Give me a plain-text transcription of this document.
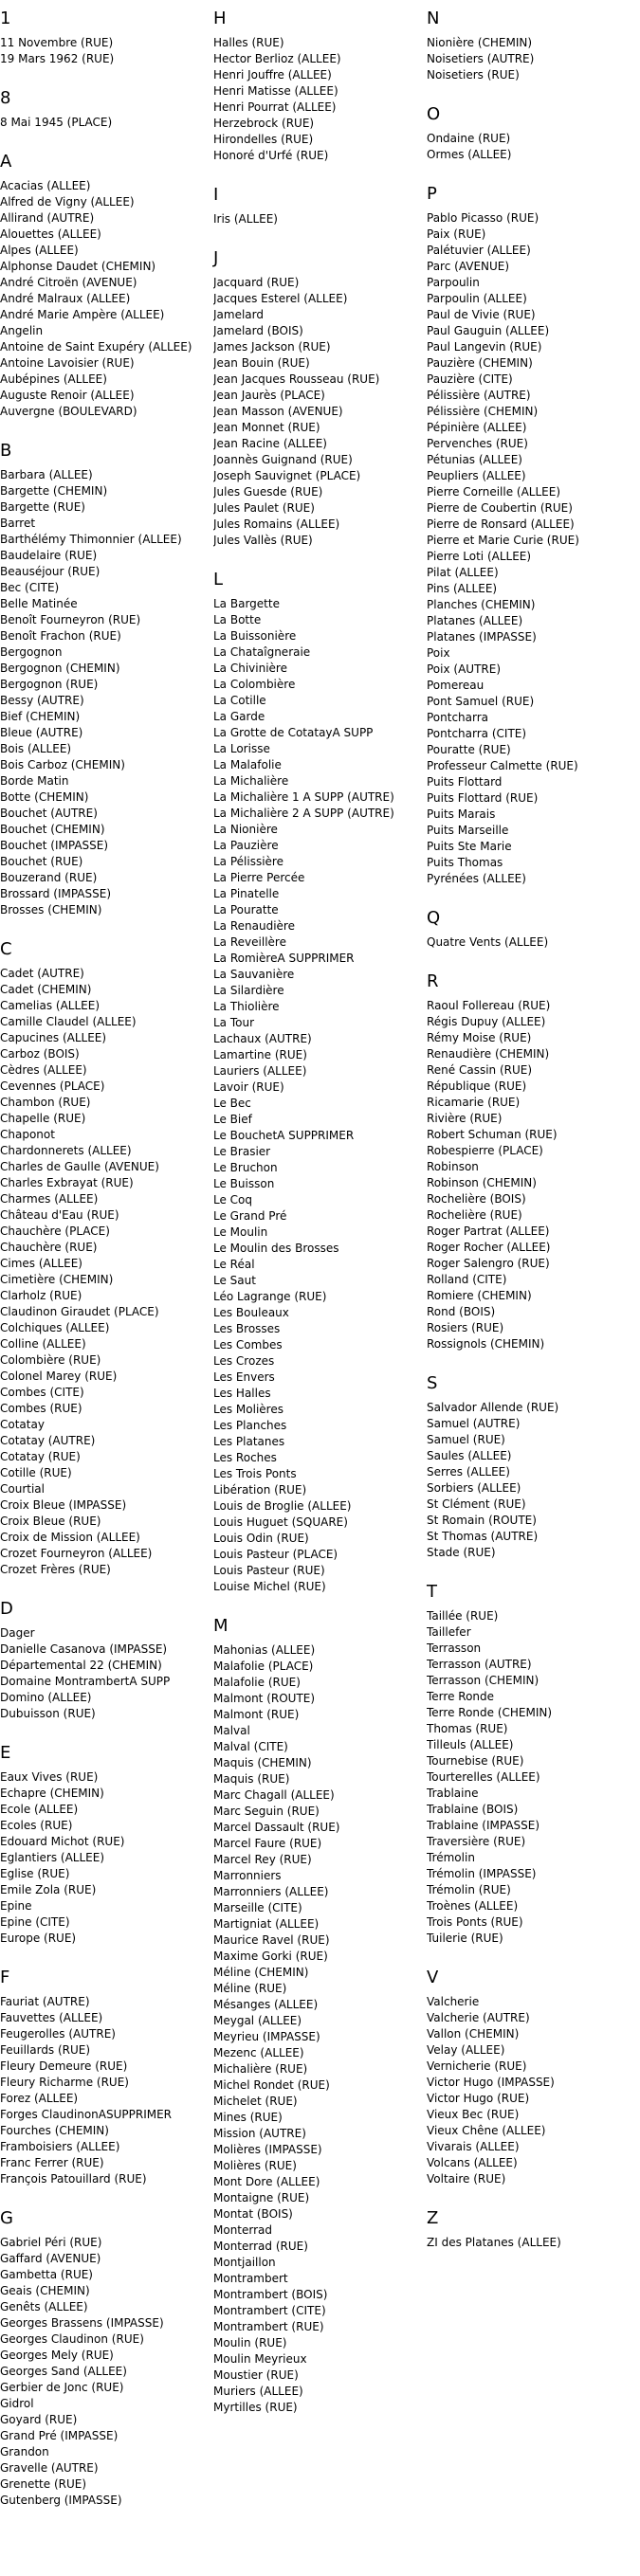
1
11 Novembre (RUE)
19 Mars 1962 (RUE)
8
8 Mai 1945 (PLACE)
A
Acacias (ALLEE)
Alfred de Vigny (ALLEE)
Allirand (AUTRE)
Alouettes (ALLEE)
Alpes (ALLEE)
Alphonse Daudet (CHEMIN)
André Citroën (AVENUE)
André Malraux (ALLEE)
André Marie Ampère (ALLEE)
Angelin
Antoine de Saint Exupéry (ALLEE)
Antoine Lavoisier (RUE)
Aubépines (ALLEE)
Auguste Renoir (ALLEE)
Auvergne (BOULEVARD)
B
Barbara (ALLEE)
Bargette (CHEMIN)
Bargette (RUE)
Barret
Barthélémy Thimonnier (ALLEE)
Baudelaire (RUE)
Beauséjour (RUE)
Bec (CITE)
Belle Matinée
Benoît Fourneyron (RUE)
Benoît Frachon (RUE)
Bergognon
Bergognon (CHEMIN)
Bergognon (RUE)
Bessy (AUTRE)
Bief (CHEMIN)
Bleue (AUTRE)
Bois (ALLEE)
Bois Carboz (CHEMIN)
Borde Matin
Botte (CHEMIN)
Bouchet (AUTRE)
Bouchet (CHEMIN)
Bouchet (IMPASSE)
Bouchet (RUE)
Bouzerand (RUE)
Brossard (IMPASSE)
Brosses (CHEMIN)
C
Cadet (AUTRE)
Cadet (CHEMIN)
Camelias (ALLEE)
Camille Claudel (ALLEE)
Capucines (ALLEE)
Carboz (BOIS)
Cèdres (ALLEE)
Cevennes (PLACE)
Chambon (RUE)
Chapelle (RUE)
Chaponot
Chardonnerets (ALLEE)
Charles de Gaulle (AVENUE)
Charles Exbrayat (RUE)
Charmes (ALLEE)
Château d'Eau (RUE)
Chauchère (PLACE)
Chauchère (RUE)
Cimes (ALLEE)
Cimetière (CHEMIN)
Clarholz (RUE)
Claudinon Giraudet (PLACE)
Colchiques (ALLEE)
Colline (ALLEE)
Colombière (RUE)
Colonel Marey (RUE)
Combes (CITE)
Combes (RUE)
Cotatay
Cotatay (AUTRE)
Cotatay (RUE)
Cotille (RUE)
Courtial
Croix Bleue (IMPASSE)
Croix Bleue (RUE)
Croix de Mission (ALLEE)
Crozet Fourneyron (ALLEE)
Crozet Frères (RUE)
D
Dager
Danielle Casanova (IMPASSE)
Départemental 22 (CHEMIN)
Domaine MontrambertA SUPP
Domino (ALLEE)
Dubuisson (RUE)
E
Eaux Vives (RUE)
Echapre (CHEMIN)
Ecole (ALLEE)
Ecoles (RUE)
Edouard Michot (RUE)
Eglantiers (ALLEE)
Eglise (RUE)
Emile Zola (RUE)
Epine
Epine (CITE)
Europe (RUE)
F
Fauriat (AUTRE)
Fauvettes (ALLEE)
Feugerolles (AUTRE)
Feuillards (RUE)
Fleury Demeure (RUE)
Fleury Richarme (RUE)
Forez (ALLEE)
Forges ClaudinonASUPPRIMER
Fourches (CHEMIN)
Framboisiers (ALLEE)
Franc Ferrer (RUE)
François Patouillard (RUE)
G
Gabriel Péri (RUE)
Gaffard (AVENUE)
Gambetta (RUE)
Geais (CHEMIN)
Genêts (ALLEE)
Georges Brassens (IMPASSE)
Georges Claudinon (RUE)
Georges Mely (RUE)
Georges Sand (ALLEE)
Gerbier de Jonc (RUE)
Gidrol
Goyard (RUE)
Grand Pré (IMPASSE)
Grandon
Gravelle (AUTRE)
Grenette (RUE)
Gutenberg (IMPASSE)
H
Halles (RUE)
Hector Berlioz (ALLEE)
Henri Jouffre (ALLEE)
Henri Matisse (ALLEE)
Henri Pourrat (ALLEE)
Herzebrock (RUE)
Hirondelles (RUE)
Honoré d'Urfé (RUE)
I
Iris (ALLEE)
J
Jacquard (RUE)
Jacques Esterel (ALLEE)
Jamelard
Jamelard (BOIS)
James Jackson (RUE)
Jean Bouin (RUE)
Jean Jacques Rousseau (RUE)
Jean Jaurès (PLACE)
Jean Masson (AVENUE)
Jean Monnet (RUE)
Jean Racine (ALLEE)
Joannès Guignand (RUE)
Joseph Sauvignet (PLACE)
Jules Guesde (RUE)
Jules Paulet (RUE)
Jules Romains (ALLEE)
Jules Vallès (RUE)
L
La Bargette
La Botte
La Buissonière
La Chataîgneraie
La Chivinière
La Colombière
La Cotille
La Garde
La Grotte de CotatayA SUPP
La Lorisse
La Malafolie
La Michalière
La Michalière 1 A SUPP (AUTRE)
La Michalière 2 A SUPP (AUTRE)
La Nionière
La Pauzière
La Pélissière
La Pierre Percée
La Pinatelle
La Pouratte
La Renaudière
La Reveillère
La RomièreA SUPPRIMER
La Sauvanière
La Silardière
La Thiolière
La Tour
Lachaux (AUTRE)
Lamartine (RUE)
Lauriers (ALLEE)
Lavoir (RUE)
Le Bec
Le Bief
Le BouchetA SUPPRIMER
Le Brasier
Le Bruchon
Le Buisson
Le Coq
Le Grand Pré
Le Moulin
Le Moulin des Brosses
Le Réal
Le Saut
Léo Lagrange (RUE)
Les Bouleaux
Les Brosses
Les Combes
Les Crozes
Les Envers
Les Halles
Les Molières
Les Planches
Les Platanes
Les Roches
Les Trois Ponts
Libération (RUE)
Louis de Broglie (ALLEE)
Louis Huguet (SQUARE)
Louis Odin (RUE)
Louis Pasteur (PLACE)
Louis Pasteur (RUE)
Louise Michel (RUE)
M
Mahonias (ALLEE)
Malafolie (PLACE)
Malafolie (RUE)
Malmont (ROUTE)
Malmont (RUE)
Malval
Malval (CITE)
Maquis (CHEMIN)
Maquis (RUE)
Marc Chagall (ALLEE)
Marc Seguin (RUE)
Marcel Dassault (RUE)
Marcel Faure (RUE)
Marcel Rey (RUE)
Marronniers
Marronniers (ALLEE)
Marseille (CITE)
Martigniat (ALLEE)
Maurice Ravel (RUE)
Maxime Gorki (RUE)
Méline (CHEMIN)
Méline (RUE)
Mésanges (ALLEE)
Meygal (ALLEE)
Meyrieu (IMPASSE)
Mezenc (ALLEE)
Michalière (RUE)
Michel Rondet (RUE)
Michelet (RUE)
Mines (RUE)
Mission (AUTRE)
Molières (IMPASSE)
Molières (RUE)
Mont Dore (ALLEE)
Montaigne (RUE)
Montat (BOIS)
Monterrad
Monterrad (RUE)
Montjaillon
Montrambert
Montrambert (BOIS)
Montrambert (CITE)
Montrambert (RUE)
Moulin (RUE)
Moulin Meyrieux
Moustier (RUE)
Muriers (ALLEE)
Myrtilles (RUE)
N
Nionière (CHEMIN)
Noisetiers (AUTRE)
Noisetiers (RUE)
O
Ondaine (RUE)
Ormes (ALLEE)
P
Pablo Picasso (RUE)
Paix (RUE)
Palétuvier (ALLEE)
Parc (AVENUE)
Parpoulin
Parpoulin (ALLEE)
Paul de Vivie (RUE)
Paul Gauguin (ALLEE)
Paul Langevin (RUE)
Pauzière (CHEMIN)
Pauzière (CITE)
Pélissière (AUTRE)
Pélissière (CHEMIN)
Pépinière (ALLEE)
Pervenches (RUE)
Pétunias (ALLEE)
Peupliers (ALLEE)
Pierre Corneille (ALLEE)
Pierre de Coubertin (RUE)
Pierre de Ronsard (ALLEE)
Pierre et Marie Curie (RUE)
Pierre Loti (ALLEE)
Pilat (ALLEE)
Pins (ALLEE)
Planches (CHEMIN)
Platanes (ALLEE)
Platanes (IMPASSE)
Poix
Poix (AUTRE)
Pomereau
Pont Samuel (RUE)
Pontcharra
Pontcharra (CITE)
Pouratte (RUE)
Professeur Calmette (RUE)
Puits Flottard
Puits Flottard (RUE)
Puits Marais
Puits Marseille
Puits Ste Marie
Puits Thomas
Pyrénées (ALLEE)
Q
Quatre Vents (ALLEE)
R
Raoul Follereau (RUE)
Régis Dupuy (ALLEE)
Rémy Moise (RUE)
Renaudière (CHEMIN)
René Cassin (RUE)
République (RUE)
Ricamarie (RUE)
Rivière (RUE)
Robert Schuman (RUE)
Robespierre (PLACE)
Robinson
Robinson (CHEMIN)
Rochelière (BOIS)
Rochelière (RUE)
Roger Partrat (ALLEE)
Roger Rocher (ALLEE)
Roger Salengro (RUE)
Rolland (CITE)
Romiere (CHEMIN)
Rond (BOIS)
Rosiers (RUE)
Rossignols (CHEMIN)
S
Salvador Allende (RUE)
Samuel (AUTRE)
Samuel (RUE)
Saules (ALLEE)
Serres (ALLEE)
Sorbiers (ALLEE)
St Clément (RUE)
St Romain (ROUTE)
St Thomas (AUTRE)
Stade (RUE)
T
Taillée (RUE)
Taillefer
Terrasson
Terrasson (AUTRE)
Terrasson (CHEMIN)
Terre Ronde
Terre Ronde (CHEMIN)
Thomas (RUE)
Tilleuls (ALLEE)
Tournebise (RUE)
Tourterelles (ALLEE)
Trablaine
Trablaine (BOIS)
Trablaine (IMPASSE)
Traversière (RUE)
Trémolin
Trémolin (IMPASSE)
Trémolin (RUE)
Troènes (ALLEE)
Trois Ponts (RUE)
Tuilerie (RUE)
V
Valcherie
Valcherie (AUTRE)
Vallon (CHEMIN)
Velay (ALLEE)
Vernicherie (RUE)
Victor Hugo (IMPASSE)
Victor Hugo (RUE)
Vieux Bec (RUE)
Vieux Chêne (ALLEE)
Vivarais (ALLEE)
Volcans (ALLEE)
Voltaire (RUE)
Z
ZI des Platanes (ALLEE)
